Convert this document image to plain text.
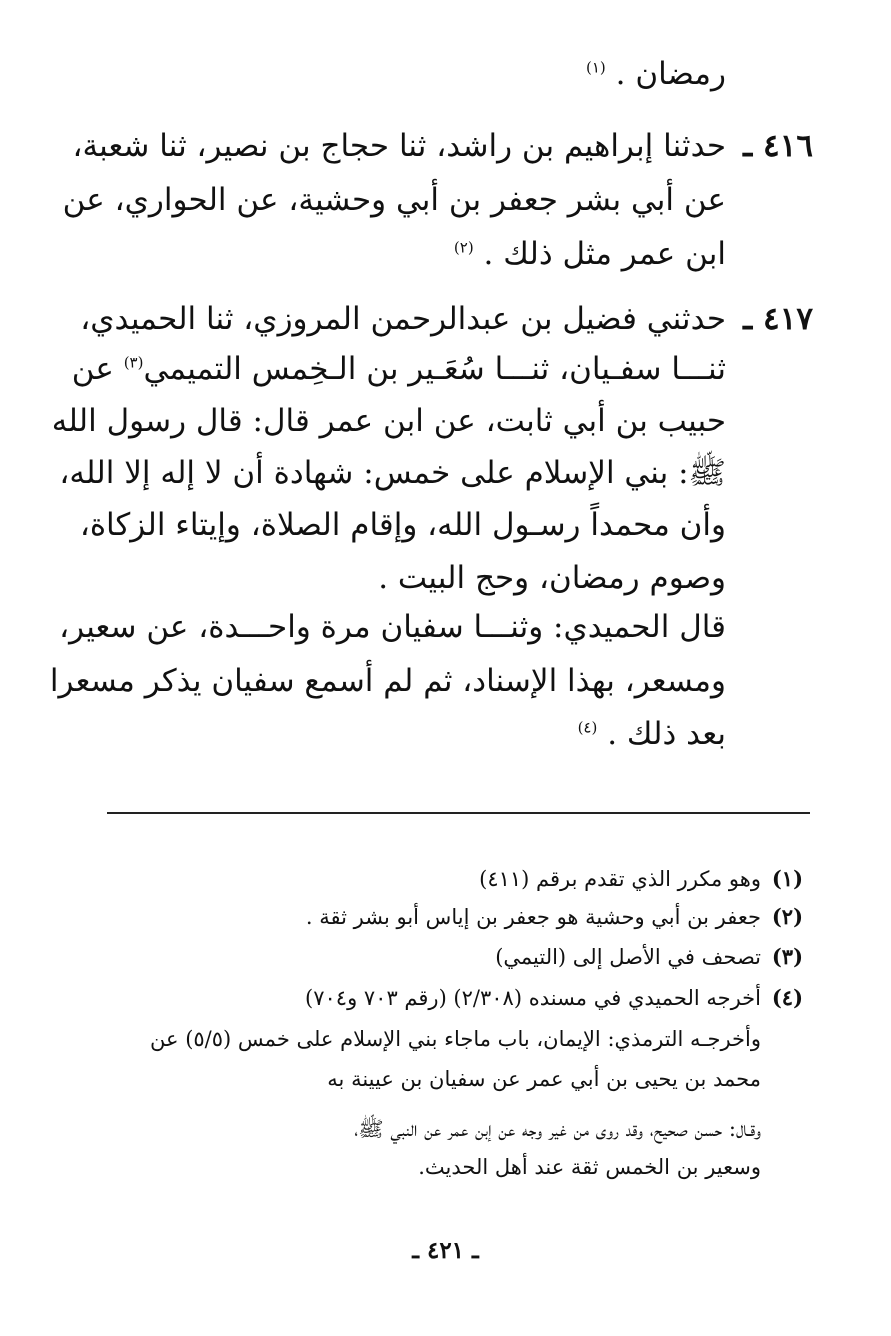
رمضان . $^{(١)}$
٤١٦ ـ
حدثنا إبراهيم بن راشد، ثنا حجاج بن نصير، ثنا شعبة،
عن أبي بشر جعفر بن أبي وحشية، عن الحواري، عن
ابن عمر مثل ذلك . $^{(٢)}$
٤١٧ ـ
حدثني فضيل بن عبدالرحمن المروزي، ثنا الحميدي،
ثنـــا سفـيان، ثنـــا سُعَـير بن الـخِمس التميمي$^{(٣)}$ عن
حبيب بن أبي ثابت، عن ابن عمر قال: قال رسول الله
ﷺ: بني الإسلام على خمس: شهادة أن لا إله إلا الله،
وأن محمداً رسـول الله، وإقام الصلاة، وإيتاء الزكاة،
وصوم رمضان، وحج البيت .
قال الحميدي: وثنـــا سفيان مرة واحـــدة، عن سعير،
ومسعر، بهذا الإسناد، ثم لم أسمع سفيان يذكر مسعرا
بعد ذلك . $^{(٤)}$
(١)
وهو مكرر الذي تقدم برقم (٤١١)
(٢)
جعفر بن أبي وحشية هو جعفر بن إياس أبو بشر ثقة .
(٣)
تصحف في الأصل إلى (التيمي)
(٤)
أخرجه الحميدي في مسنده (٢/٣٠٨) (رقم ٧٠٣ و٧٠٤)
وأخرجـه الترمذي: الإيمان، باب ماجاء بني الإسلام على خمس (٥/٥) عن
محمد بن يحيى بن أبي عمر عن سفيان بن عيينة به
وقـال: حسن صحيح، وقد روى من غير وجه عن إبن عمر عن النبي ﷺ،
وسعير بن الخمس ثقة عند أهل الحديث.
ـ ٤٢١ ـ
